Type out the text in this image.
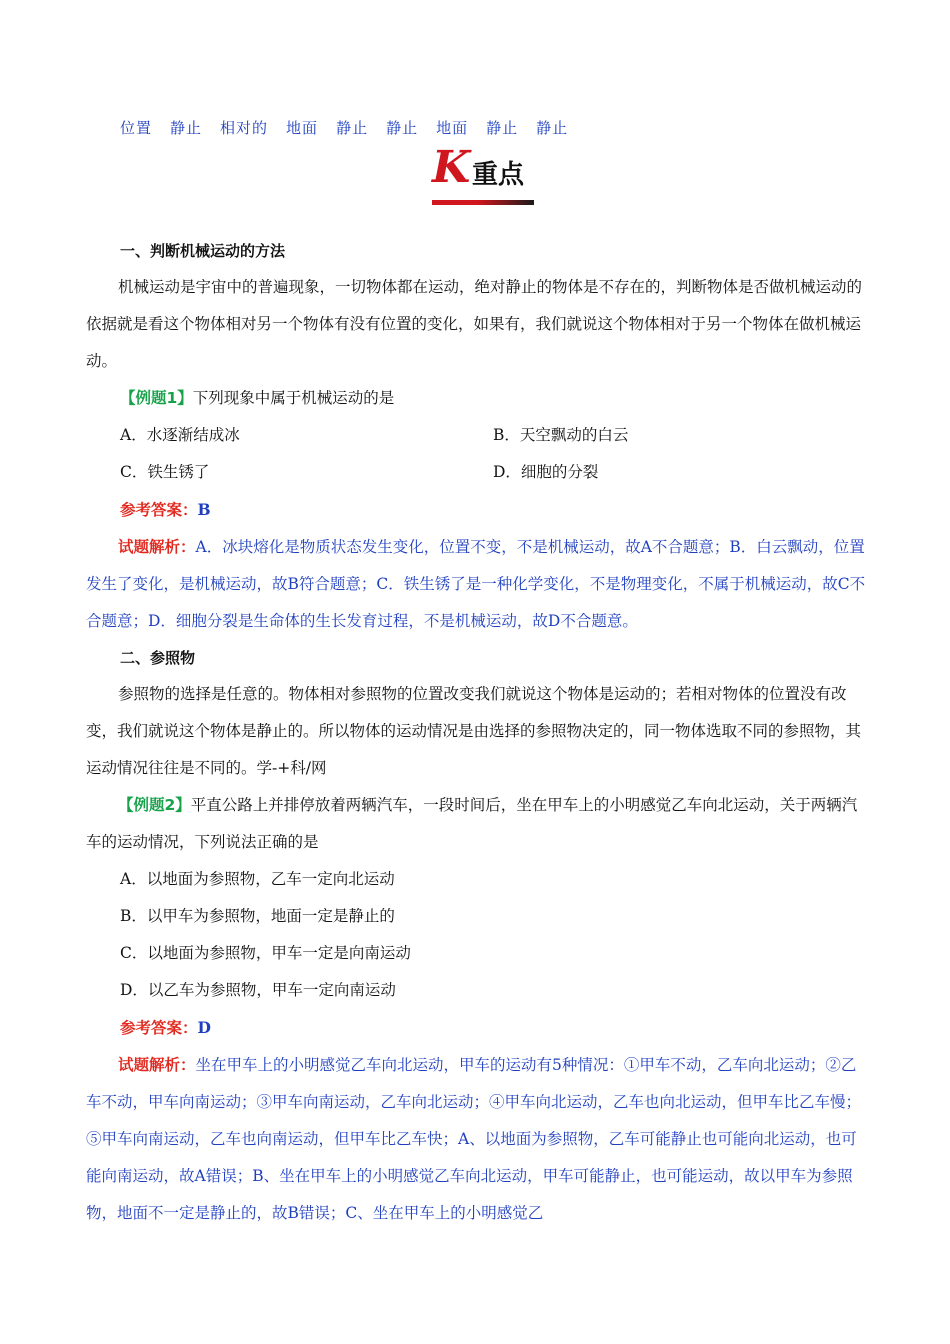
位置 静止 相对的 地面 静止 静止 地面 静止 静止
K 重点

一、判断机械运动的方法

机械运动是宇宙中的普遍现象，一切物体都在运动，绝对静止的物体是不存在的，判断物体是否做机械运动的依据就是看这个物体相对另一个物体有没有位置的变化，如果有，我们就说这个物体相对于另一个物体在做机械运动。

【例题1】下列现象中属于机械运动的是
A．水逐渐结成冰	B．天空飘动的白云
C．铁生锈了	D．细胞的分裂
参考答案：B

试题解析：A．冰块熔化是物质状态发生变化，位置不变，不是机械运动，故A不合题意；B．白云飘动，位置发生了变化，是机械运动，故B符合题意；C．铁生锈了是一种化学变化，不是物理变化，不属于机械运动，故C不合题意；D．细胞分裂是生命体的生长发育过程，不是机械运动，故D不合题意。

二、参照物

参照物的选择是任意的。物体相对参照物的位置改变我们就说这个物体是运动的；若相对物体的位置没有改变，我们就说这个物体是静止的。所以物体的运动情况是由选择的参照物决定的，同一物体选取不同的参照物，其运动情况往往是不同的。学-+科/网

【例题2】平直公路上并排停放着两辆汽车，一段时间后，坐在甲车上的小明感觉乙车向北运动，关于两辆汽车的运动情况，下列说法正确的是

A．以地面为参照物，乙车一定向北运动
B．以甲车为参照物，地面一定是静止的
C．以地面为参照物，甲车一定是向南运动
D．以乙车为参照物，甲车一定向南运动
参考答案：D

试题解析：坐在甲车上的小明感觉乙车向北运动，甲车的运动有5种情况：①甲车不动，乙车向北运动；②乙车不动，甲车向南运动；③甲车向南运动，乙车向北运动；④甲车向北运动，乙车也向北运动，但甲车比乙车慢；⑤甲车向南运动，乙车也向南运动，但甲车比乙车快；A、以地面为参照物，乙车可能静止也可能向北运动，也可能向南运动，故A错误；B、坐在甲车上的小明感觉乙车向北运动，甲车可能静止，也可能运动，故以甲车为参照物，地面不一定是静止的，故B错误；C、坐在甲车上的小明感觉乙
